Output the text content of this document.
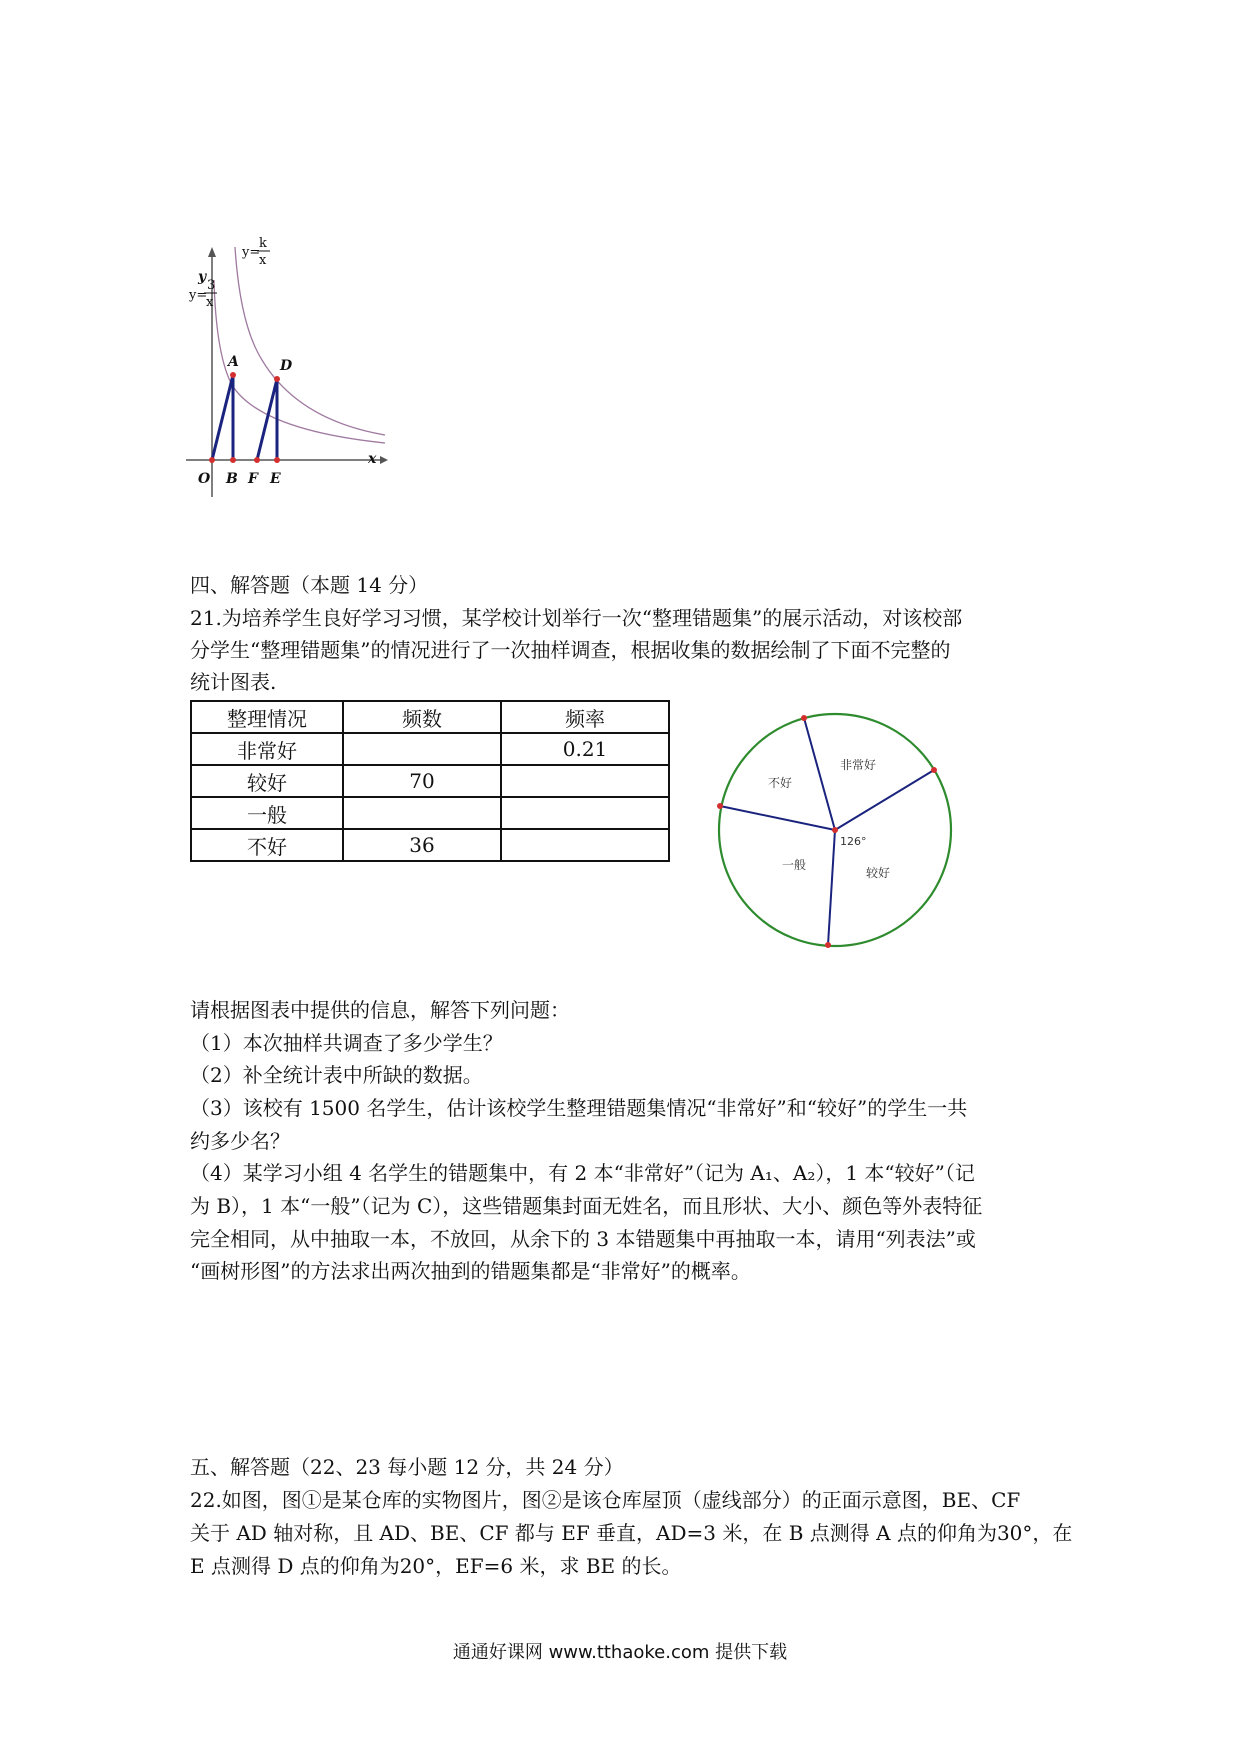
y
x
A	D
O B F E
y=
k
x
y=
3
x
四、解答题（本题 14 分）
21.为培养学生良好学习习惯，某学校计划举行一次“整理错题集”的展示活动，对该校部
分学生“整理错题集”的情况进行了一次抽样调查，根据收集的数据绘制了下面不完整的
统计图表.
整理情况	频数	频率
非常好		0.21
较好	70	
一般		
不好	36	
非常好
不好
一般
较好
126°
请根据图表中提供的信息，解答下列问题：
（1）本次抽样共调查了多少学生？
（2）补全统计表中所缺的数据。
（3）该校有 1500 名学生，估计该校学生整理错题集情况“非常好”和“较好”的学生一共
约多少名？
（4）某学习小组 4 名学生的错题集中，有 2 本“非常好”（记为 A₁、A₂），1 本“较好”（记
为 B），1 本“一般”（记为 C），这些错题集封面无姓名，而且形状、大小、颜色等外表特征
完全相同，从中抽取一本，不放回，从余下的 3 本错题集中再抽取一本，请用“列表法”或
“画树形图”的方法求出两次抽到的错题集都是“非常好”的概率。
五、解答题（22、23 每小题 12 分，共 24 分）
22.如图，图①是某仓库的实物图片，图②是该仓库屋顶（虚线部分）的正面示意图，BE、CF
关于 AD 轴对称，且 AD、BE、CF 都与 EF 垂直，AD=3 米，在 B 点测得 A 点的仰角为30°，在
E 点测得 D 点的仰角为20°，EF=6 米，求 BE 的长。
通通好课网 www.tthaoke.com 提供下载
